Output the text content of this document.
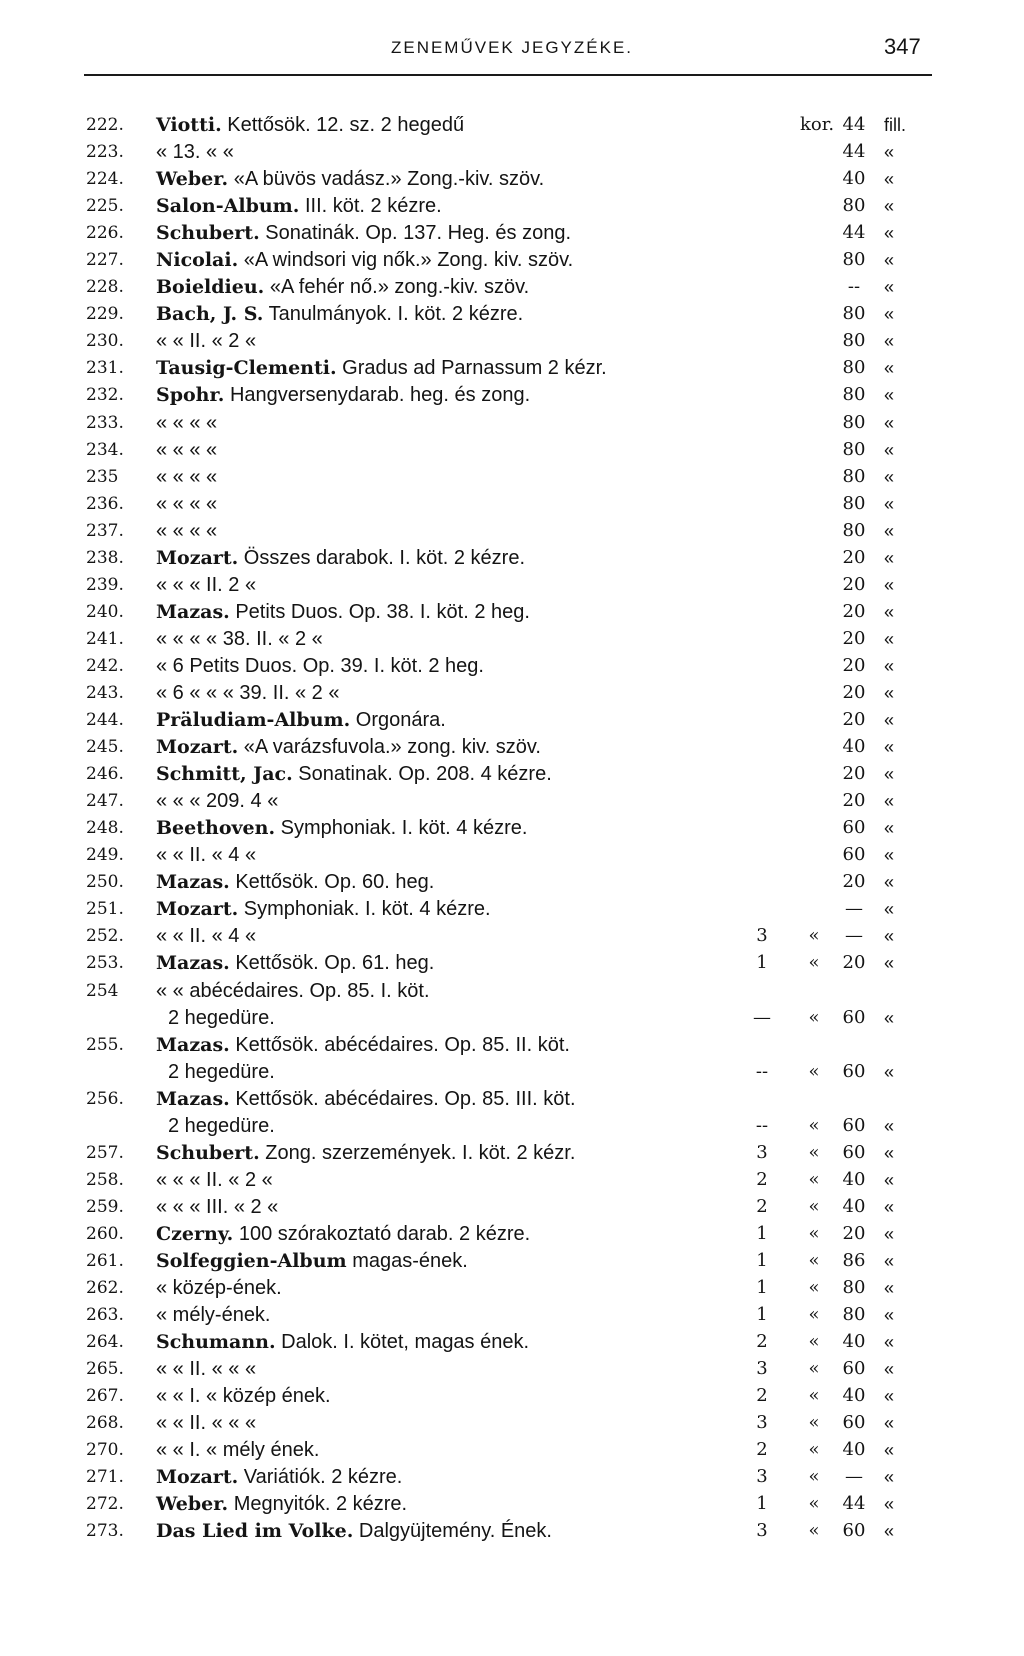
ZENEMŰVEK JEGYZÉKE.	347
222.	Viotti. Kettősök. 12. sz. 2 hegedű	kor. 44	fill.
223.	« 13. « «	44	«
224.	Weber. «A büvös vadász.» Zong.-kiv. szöv.	40	«
225.	Salon-Album. III. köt. 2 kézre.	80	«
226.	Schubert. Sonatinák. Op. 137. Heg. és zong.	44	«
227.	Nicolai. «A windsori vig nők.» Zong. kiv. szöv.	80	«
228.	Boieldieu. «A fehér nő.» zong.-kiv. szöv.	--	«
229.	Bach, J. S. Tanulmányok. I. köt. 2 kézre.	80	«
230.	« « II. « 2 «	80	«
231.	Tausig-Clementi. Gradus ad Parnassum 2 kézr.	80	«
232.	Spohr. Hangversenydarab. heg. és zong.	80	«
233.	« « « «	80	«
234.	« « « «	80	«
235	« « « «	80	«
236.	« « « «	80	«
237.	« « « «	80	«
238.	Mozart. Összes darabok. I. köt. 2 kézre.	20	«
239.	« « « II. 2 «	20	«
240.	Mazas. Petits Duos. Op. 38. I. köt. 2 heg.	20	«
241.	« « « « 38. II. « 2 «	20	«
242.	« 6 Petits Duos. Op. 39. I. köt. 2 heg.	20	«
243.	« 6 « « « 39. II. « 2 «	20	«
244.	Präludiam-Album. Orgonára.	20	«
245.	Mozart. «A varázsfuvola.» zong. kiv. szöv.	40	«
246.	Schmitt, Jac. Sonatinak. Op. 208. 4 kézre.	20	«
247.	« « « 209. 4 «	20	«
248.	Beethoven. Symphoniak. I. köt. 4 kézre.	60	«
249.	« « II. « 4 «	60	«
250.	Mazas. Kettősök. Op. 60. heg.	20	«
251.	Mozart. Symphoniak. I. köt. 4 kézre.	—	«
252.	« « II. « 4 «	3	«	—	«
253.	Mazas. Kettősök. Op. 61. heg.	1	«	20	«
254	« « abécédaires. Op. 85. I. köt.
2 hegedüre.	—	«	60	«
255.	Mazas. Kettősök. abécédaires. Op. 85. II. köt.
2 hegedüre.	--	«	60	«
256.	Mazas. Kettősök. abécédaires. Op. 85. III. köt.
2 hegedüre.	--	«	60	«
257.	Schubert. Zong. szerzemények. I. köt. 2 kézr.	3	«	60	«
258.	« « « II. « 2 «	2	«	40	«
259.	« « « III. « 2 «	2	«	40	«
260.	Czerny. 100 szórakoztató darab. 2 kézre.	1	«	20	«
261.	Solfeggien-Album magas-ének.	1	«	86	«
262.	« közép-ének.	1	«	80	«
263.	« mély-ének.	1	«	80	«
264.	Schumann. Dalok. I. kötet, magas ének.	2	«	40	«
265.	« « II. « « «	3	«	60	«
267.	« « I. « közép ének.	2	«	40	«
268.	« « II. « « «	3	«	60	«
270.	« « I. « mély ének.	2	«	40	«
271.	Mozart. Variátiók. 2 kézre.	3	«	—	«
272.	Weber. Megnyitók. 2 kézre.	1	«	44	«
273.	Das Lied im Volke. Dalgyüjtemény. Ének.	3	«	60	«
